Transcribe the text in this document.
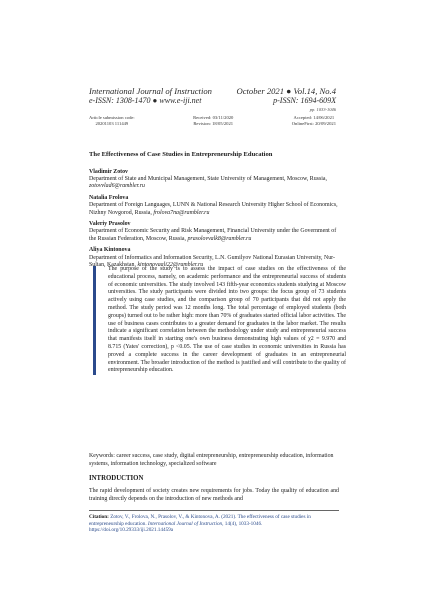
International Journal of Instruction	October 2021 ● Vol.14, No.4
e-ISSN: 1308-1470 ● www.e-iji.net	p-ISSN: 1694-609X
pp. 1033-1046
Article submission code:
20201103 111449
Received: 03/11/2020
Revision: 18/05/2021
Accepted: 14/06/2021
OnlineFirst: 20/09/2021
The Effectiveness of Case Studies in Entrepreneurship Education
Vladimir Zotov
Department of State and Municipal Management, State University of Management, Moscow, Russia, zotovvlad6@rambler.ru
Natalia Frolova
Department of Foreign Languages, LUNN & National Research University Higher School of Economics, Nizhny Novgorod, Russia, frolova7na@rambler.ru
Valeriy Prasolov
Department of Economic Security and Risk Management, Financial University under the Government of the Russian Federation, Moscow, Russia, prasolovvalk8@rambler.ru
Aliya Kintonova
Department of Informatics and Information Security, L.N. Gumilyov National Eurasian University, Nur-Sultan, Kazakhstan, kintonovaali22@rambler.ru
The purpose of the study is to assess the impact of case studies on the effectiveness of the educational process, namely, on academic performance and the entrepreneurial success of students of economic universities. The study involved 143 fifth-year economics students studying at Moscow universities. The study participants were divided into two groups: the focus group of 73 students actively using case studies, and the comparison group of 70 participants that did not apply the method. The study period was 12 months long. The total percentage of employed students (both groups) turned out to be rather high: more than 70% of graduates started official labor activities. The use of business cases contributes to a greater demand for graduates in the labor market. The results indicate a significant correlation between the methodology under study and entrepreneurial success that manifests itself in starting one's own business demonstrating high values of χ2 = 9.970 and 8.715 (Yates' correction), p <0.05. The use of case studies in economic universities in Russia has proved a complete success in the career development of graduates in an entrepreneurial environment. The broader introduction of the method is justified and will contribute to the quality of entrepreneurship education.
Keywords: career success, case study, digital entrepreneurship, entrepreneurship education, information systems, information technology, specialized software
INTRODUCTION
The rapid development of society creates new requirements for jobs. Today the quality of education and training directly depends on the introduction of new methods and
Citation: Zotov, V., Frolova, N., Prasolov, V., & Kintonova, A. (2021). The effectiveness of case studies in entrepreneurship education. International Journal of Instruction, 14(4), 1033-1046. https://doi.org/10.29333/iji.2021.14459a
